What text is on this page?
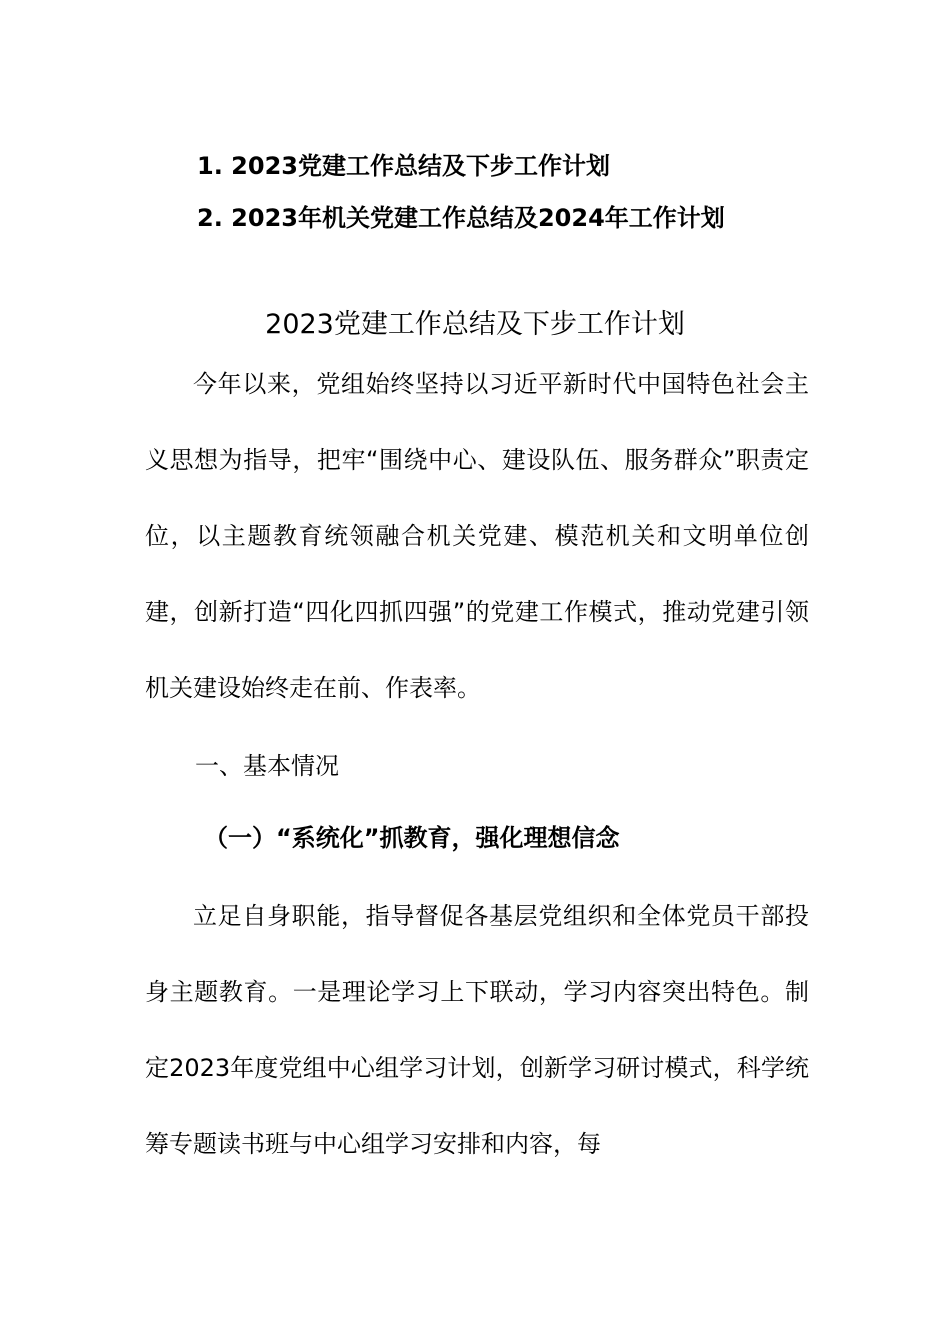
1. 2023党建工作总结及下步工作计划
2. 2023年机关党建工作总结及2024年工作计划
2023党建工作总结及下步工作计划

今年以来，党组始终坚持以习近平新时代中国特色社会主义思想为指导，把牢“围绕中心、建设队伍、服务群众”职责定位，以主题教育统领融合机关党建、模范机关和文明单位创建，创新打造“四化四抓四强”的党建工作模式，推动党建引领机关建设始终走在前、作表率。

一、基本情况

（一）“系统化”抓教育，强化理想信念

立足自身职能，指导督促各基层党组织和全体党员干部投身主题教育。一是理论学习上下联动，学习内容突出特色。制定2023年度党组中心组学习计划，创新学习研讨模式，科学统筹专题读书班与中心组学习安排和内容，每
